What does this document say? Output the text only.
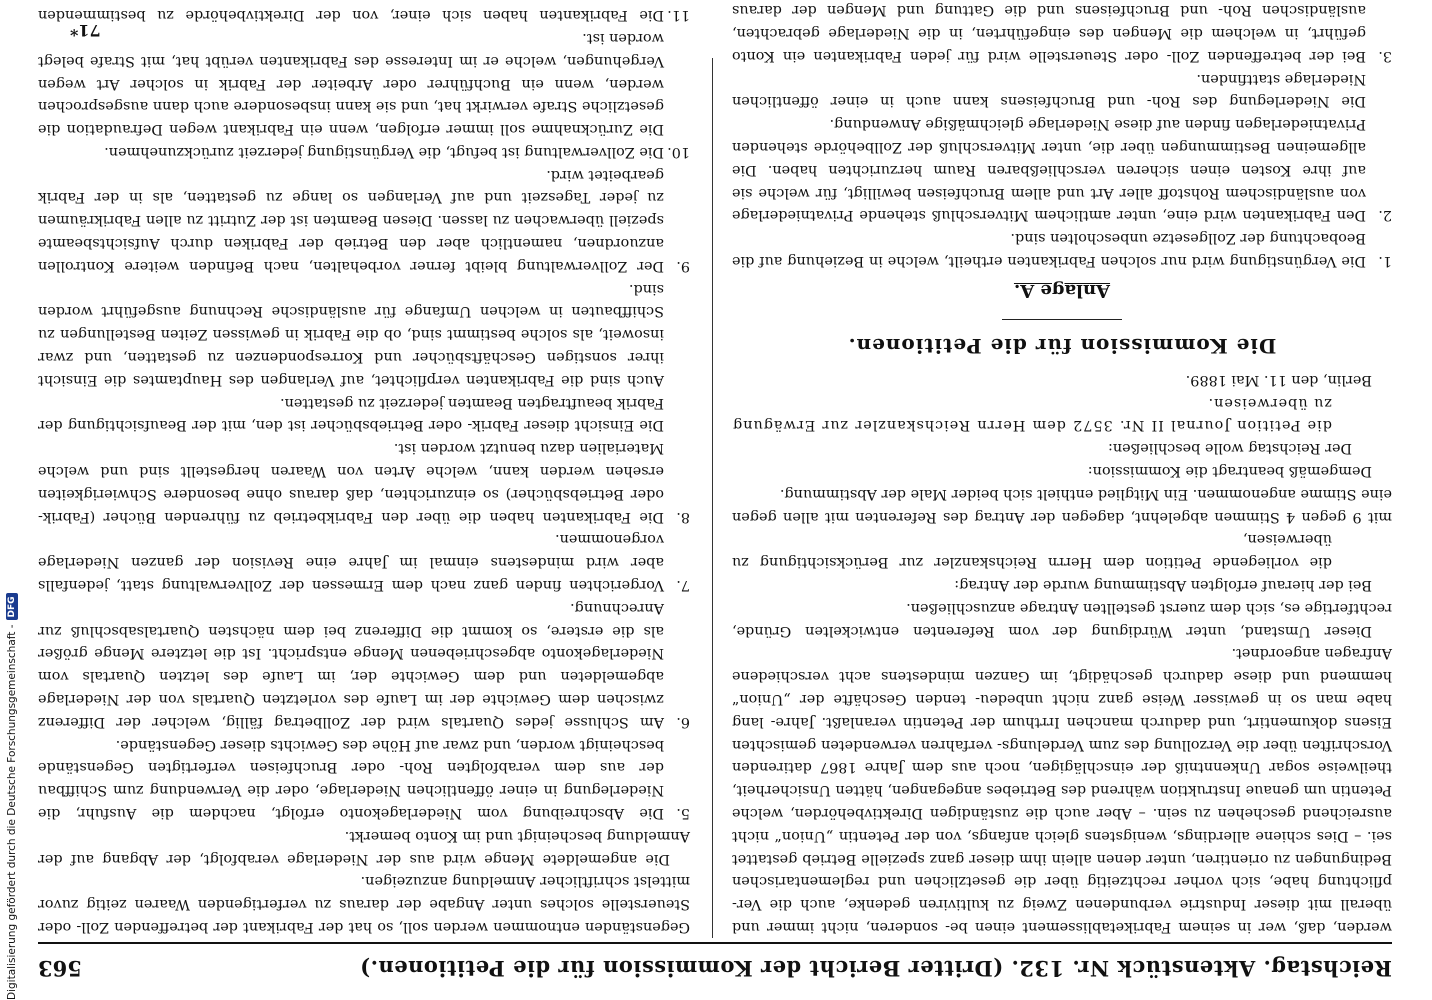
Reichstag. Aktenstück Nr. 132. (Dritter Bericht der Kommission für die Petitionen.)
563

werden, daß, wer in seinem Fabriketablissement einen be- sonderen, nicht immer und überall mit dieser Industrie verbundenen Zweig zu kultiviren gedenke, auch die Ver- pflichtung habe, sich vorher rechtzeitig über die gesetzlichen und reglementarischen Bedingungen zu orientiren, unter denen allein ihm dieser ganz spezielle Betrieb gestattet sei. – Dies schiene allerdings, wenigstens gleich anfangs, von der Petentin „Union“ nicht ausreichend geschehen zu sein. – Aber auch die zuständigen Direktivbehörden, welche Petentin um genaue Instruktion während des Betriebes angegangen, hätten Unsicherheit, theilweise sogar Unkenntniß der einschlägigen, noch aus dem Jahre 1867 datirenden Vorschriften über die Verzollung des zum Verdelungs- verfahren verwendeten gemischten Eisens dokumentirt, und dadurch manchen Irrthum der Petentin veranlaßt. Jahre- lang habe man so in gewisser Weise ganz nicht unbedeu- tenden Geschäfte der „Union“ hemmend und diese dadurch geschädigt, im Ganzen mindestens acht verschiedene Anfragen angeordnet.

Dieser Umstand, unter Würdigung der vom Referenten entwickelten Gründe, rechtfertige es, sich dem zuerst gestellten Antrage anzuschließen.

Bei der hierauf erfolgten Abstimmung wurde der Antrag:

die vorliegende Petition dem Herrn Reichskanzler zur Berücksichtigung zu überweisen,

mit 9 gegen 4 Stimmen abgelehnt, dagegen der Antrag des Referenten mit allen gegen eine Stimme angenommen. Ein Mitglied enthielt sich beider Male der Abstimmung.

Demgemäß beantragt die Kommission:

Der Reichstag wolle beschließen:

die Petition Journal II Nr. 3572 dem Herrn Reichskanzler zur Erwägung zu überweisen.

Berlin, den 11. Mai 1889.

Die Kommission für die Petitionen.
Anlage A.
1.
Die Vergünstigung wird nur solchen Fabrikanten ertheilt, welche in Beziehung auf die Beobachtung der Zollgesetze unbescholten sind.
2.
Den Fabrikanten wird eine, unter amtlichem Mitverschluß stehende Privatniederlage von ausländischem Rohstoff aller Art und allem Bruchfeisen bewilligt, für welche sie auf ihre Kosten einen sicheren verschließbaren Raum herzurichten haben. Die allgemeinen Bestimmungen über die, unter Mitverschluß der Zollbehörde stehenden Privatniederlagen finden auf diese Niederlage gleichmäßige Anwendung.
Die Niederlegung des Roh- und Bruchfeisens kann auch in einer öffentlichen Niederlage stattfinden.
3.
Bei der betreffenden Zoll- oder Steuerstelle wird für jeden Fabrikanten ein Konto geführt, in welchem die Mengen des eingeführten, in die Niederlage gebrachten, ausländischen Roh- und Bruchfeisens und die Gattung und Mengen der daraus

Gegenständen entnommen werden soll, so hat der Fabrikant der betreffenden Zoll- oder Steuerstelle solches unter Angabe der daraus zu verfertigenden Waaren zeitig zuvor mittelst schriftlicher Anmeldung anzuzeigen.

Die angemeldete Menge wird aus der Niederlage verabfolgt, der Abgang auf der Anmeldung bescheinigt und im Konto bemerkt.

5.
Die Abschreibung vom Niederlagekonto erfolgt, nachdem die Ausfuhr, die Niederlegung in einer öffentlichen Niederlage, oder die Verwendung zum Schiffbau der aus dem verabfolgten Roh- oder Bruchfeisen verfertigten Gegenstände bescheinigt worden, und zwar auf Höhe des Gewichts dieser Gegenstände.
6.
Am Schlusse jedes Quartals wird der Zollbetrag fällig, welcher der Differenz zwischen dem Gewichte der im Laufe des vorletzten Quartals von der Niederlage abgemeldeten und dem Gewichte der, im Laufe des letzten Quartals vom Niederlagekonto abgeschriebenen Menge entspricht. Ist die letztere Menge größer als die erstere, so kommt die Differenz bei dem nächsten Quartalsabschluß zur Anrechnung.
7.
Vorgerichten finden ganz nach dem Ermessen der Zollverwaltung statt, jedenfalls aber wird mindestens einmal im Jahre eine Revision der ganzen Niederlage vorgenommen.
8.
Die Fabrikanten haben die über den Fabrikbetrieb zu führenden Bücher (Fabrik- oder Betriebsbücher) so einzurichten, daß daraus ohne besondere Schwierigkeiten ersehen werden kann, welche Arten von Waaren hergestellt sind und welche Materialien dazu benutzt worden ist.
Die Einsicht dieser Fabrik- oder Betriebsbücher ist den, mit der Beaufsichtigung der Fabrik beauftragten Beamten jederzeit zu gestatten.
Auch sind die Fabrikanten verpflichtet, auf Verlangen des Hauptamtes die Einsicht ihrer sonstigen Geschäftsbücher und Korrespondenzen zu gestatten, und zwar insoweit, als solche bestimmt sind, ob die Fabrik in gewissen Zeiten Bestellungen zu Schiffbauten in welchen Umfange für ausländische Rechnung ausgeführt worden sind.
9.
Der Zollverwaltung bleibt ferner vorbehalten, nach Befinden weitere Kontrollen anzuordnen, namentlich aber den Betrieb der Fabriken durch Aufsichtsbeamte speziell überwachen zu lassen. Diesen Beamten ist der Zutritt zu allen Fabrikräumen zu jeder Tageszeit und auf Verlangen so lange zu gestatten, als in der Fabrik gearbeitet wird.
10.
Die Zollverwaltung ist befugt, die Vergünstigung jederzeit zurückzunehmen.
Die Zurücknahme soll immer erfolgen, wenn ein Fabrikant wegen Defraudation die gesetzliche Strafe verwirkt hat, und sie kann insbesondere auch dann ausgesprochen werden, wenn ein Buchführer oder Arbeiter der Fabrik in solcher Art wegen Vergehungen, welche er im Interesse des Fabrikanten verübt hat, mit Strafe belegt worden ist.
11.
Die Fabrikanten haben sich einer, von der Direktivbehörde zu bestimmenden
71*
Digitalisierung gefördert durch die Deutsche Forschungsgemeinschaft -
DFG
